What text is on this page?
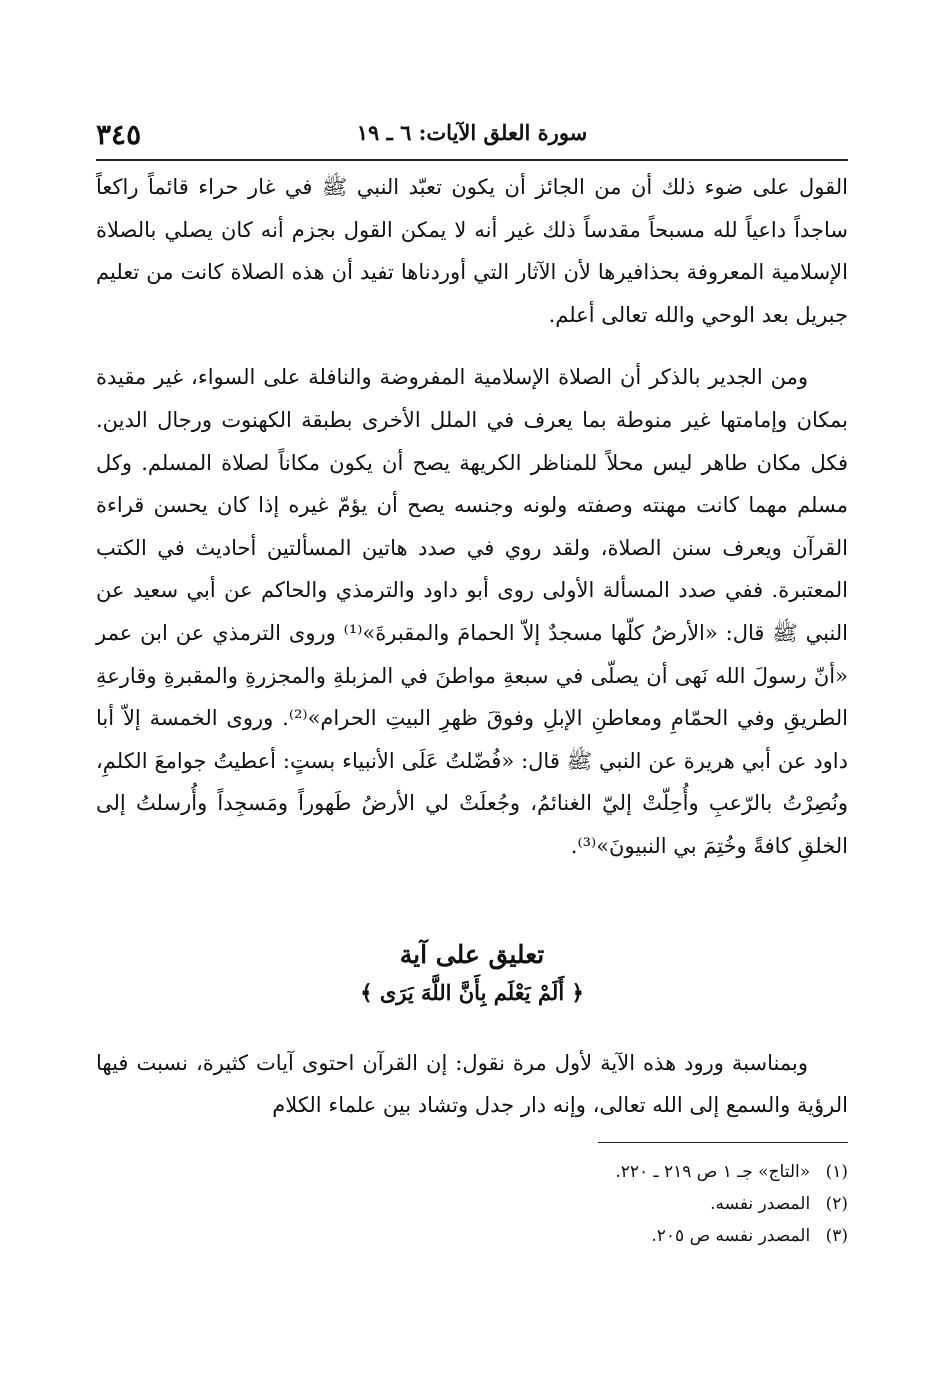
٣٤٥	سورة العلق الآيات: ٦ ـ ١٩

القول على ضوء ذلك أن من الجائز أن يكون تعبّد النبي ﷺ في غار حراء قائماً راكعاً ساجداً داعياً لله مسبحاً مقدساً ذلك غير أنه لا يمكن القول بجزم أنه كان يصلي بالصلاة الإسلامية المعروفة بحذافيرها لأن الآثار التي أوردناها تفيد أن هذه الصلاة كانت من تعليم جبريل بعد الوحي والله تعالى أعلم.

ومن الجدير بالذكر أن الصلاة الإسلامية المفروضة والنافلة على السواء، غير مقيدة بمكان وإمامتها غير منوطة بما يعرف في الملل الأخرى بطبقة الكهنوت ورجال الدين. فكل مكان طاهر ليس محلاً للمناظر الكريهة يصح أن يكون مكاناً لصلاة المسلم. وكل مسلم مهما كانت مهنته وصفته ولونه وجنسه يصح أن يؤمّ غيره إذا كان يحسن قراءة القرآن ويعرف سنن الصلاة، ولقد روي في صدد هاتين المسألتين أحاديث في الكتب المعتبرة. ففي صدد المسألة الأولى روى أبو داود والترمذي والحاكم عن أبي سعيد عن النبي ﷺ قال: «الأرضُ كلّها مسجدٌ إلاّ الحمامَ والمقبرةَ»⁽¹⁾ وروى الترمذي عن ابن عمر «أنّ رسولَ الله نَهى أن يصلّى في سبعةِ مواطنَ في المزبلةِ والمجزرةِ والمقبرةِ وقارعةِ الطريقِ وفي الحمّامِ ومعاطنِ الإبلِ وفوقَ ظهرِ البيتِ الحرام»⁽²⁾. وروى الخمسة إلاّ أبا داود عن أبي هريرة عن النبي ﷺ قال: «فُضّلتُ عَلَى الأنبياء بستٍ: أعطيتُ جوامعَ الكلمِ، ونُصِرْتُ بالرّعبِ وأُحِلّتْ إليّ الغنائمُ، وجُعلَتْ لي الأرضُ طَهوراً ومَسجِداً وأُرسلتُ إلى الخلقِ كافةً وخُتِمَ بي النبيونَ»⁽³⁾.

تعليق على آية
﴿ أَلَمْ يَعْلَم بِأَنَّ اللَّهَ يَرَى ﴾

وبمناسبة ورود هذه الآية لأول مرة نقول: إن القرآن احتوى آيات كثيرة، نسبت فيها الرؤية والسمع إلى الله تعالى، وإنه دار جدل وتشاد بين علماء الكلام

(١) «التاج» جـ ١ ص ٢١٩ ـ ٢٢٠.
(٢) المصدر نفسه.
(٣) المصدر نفسه ص ٢٠٥.
